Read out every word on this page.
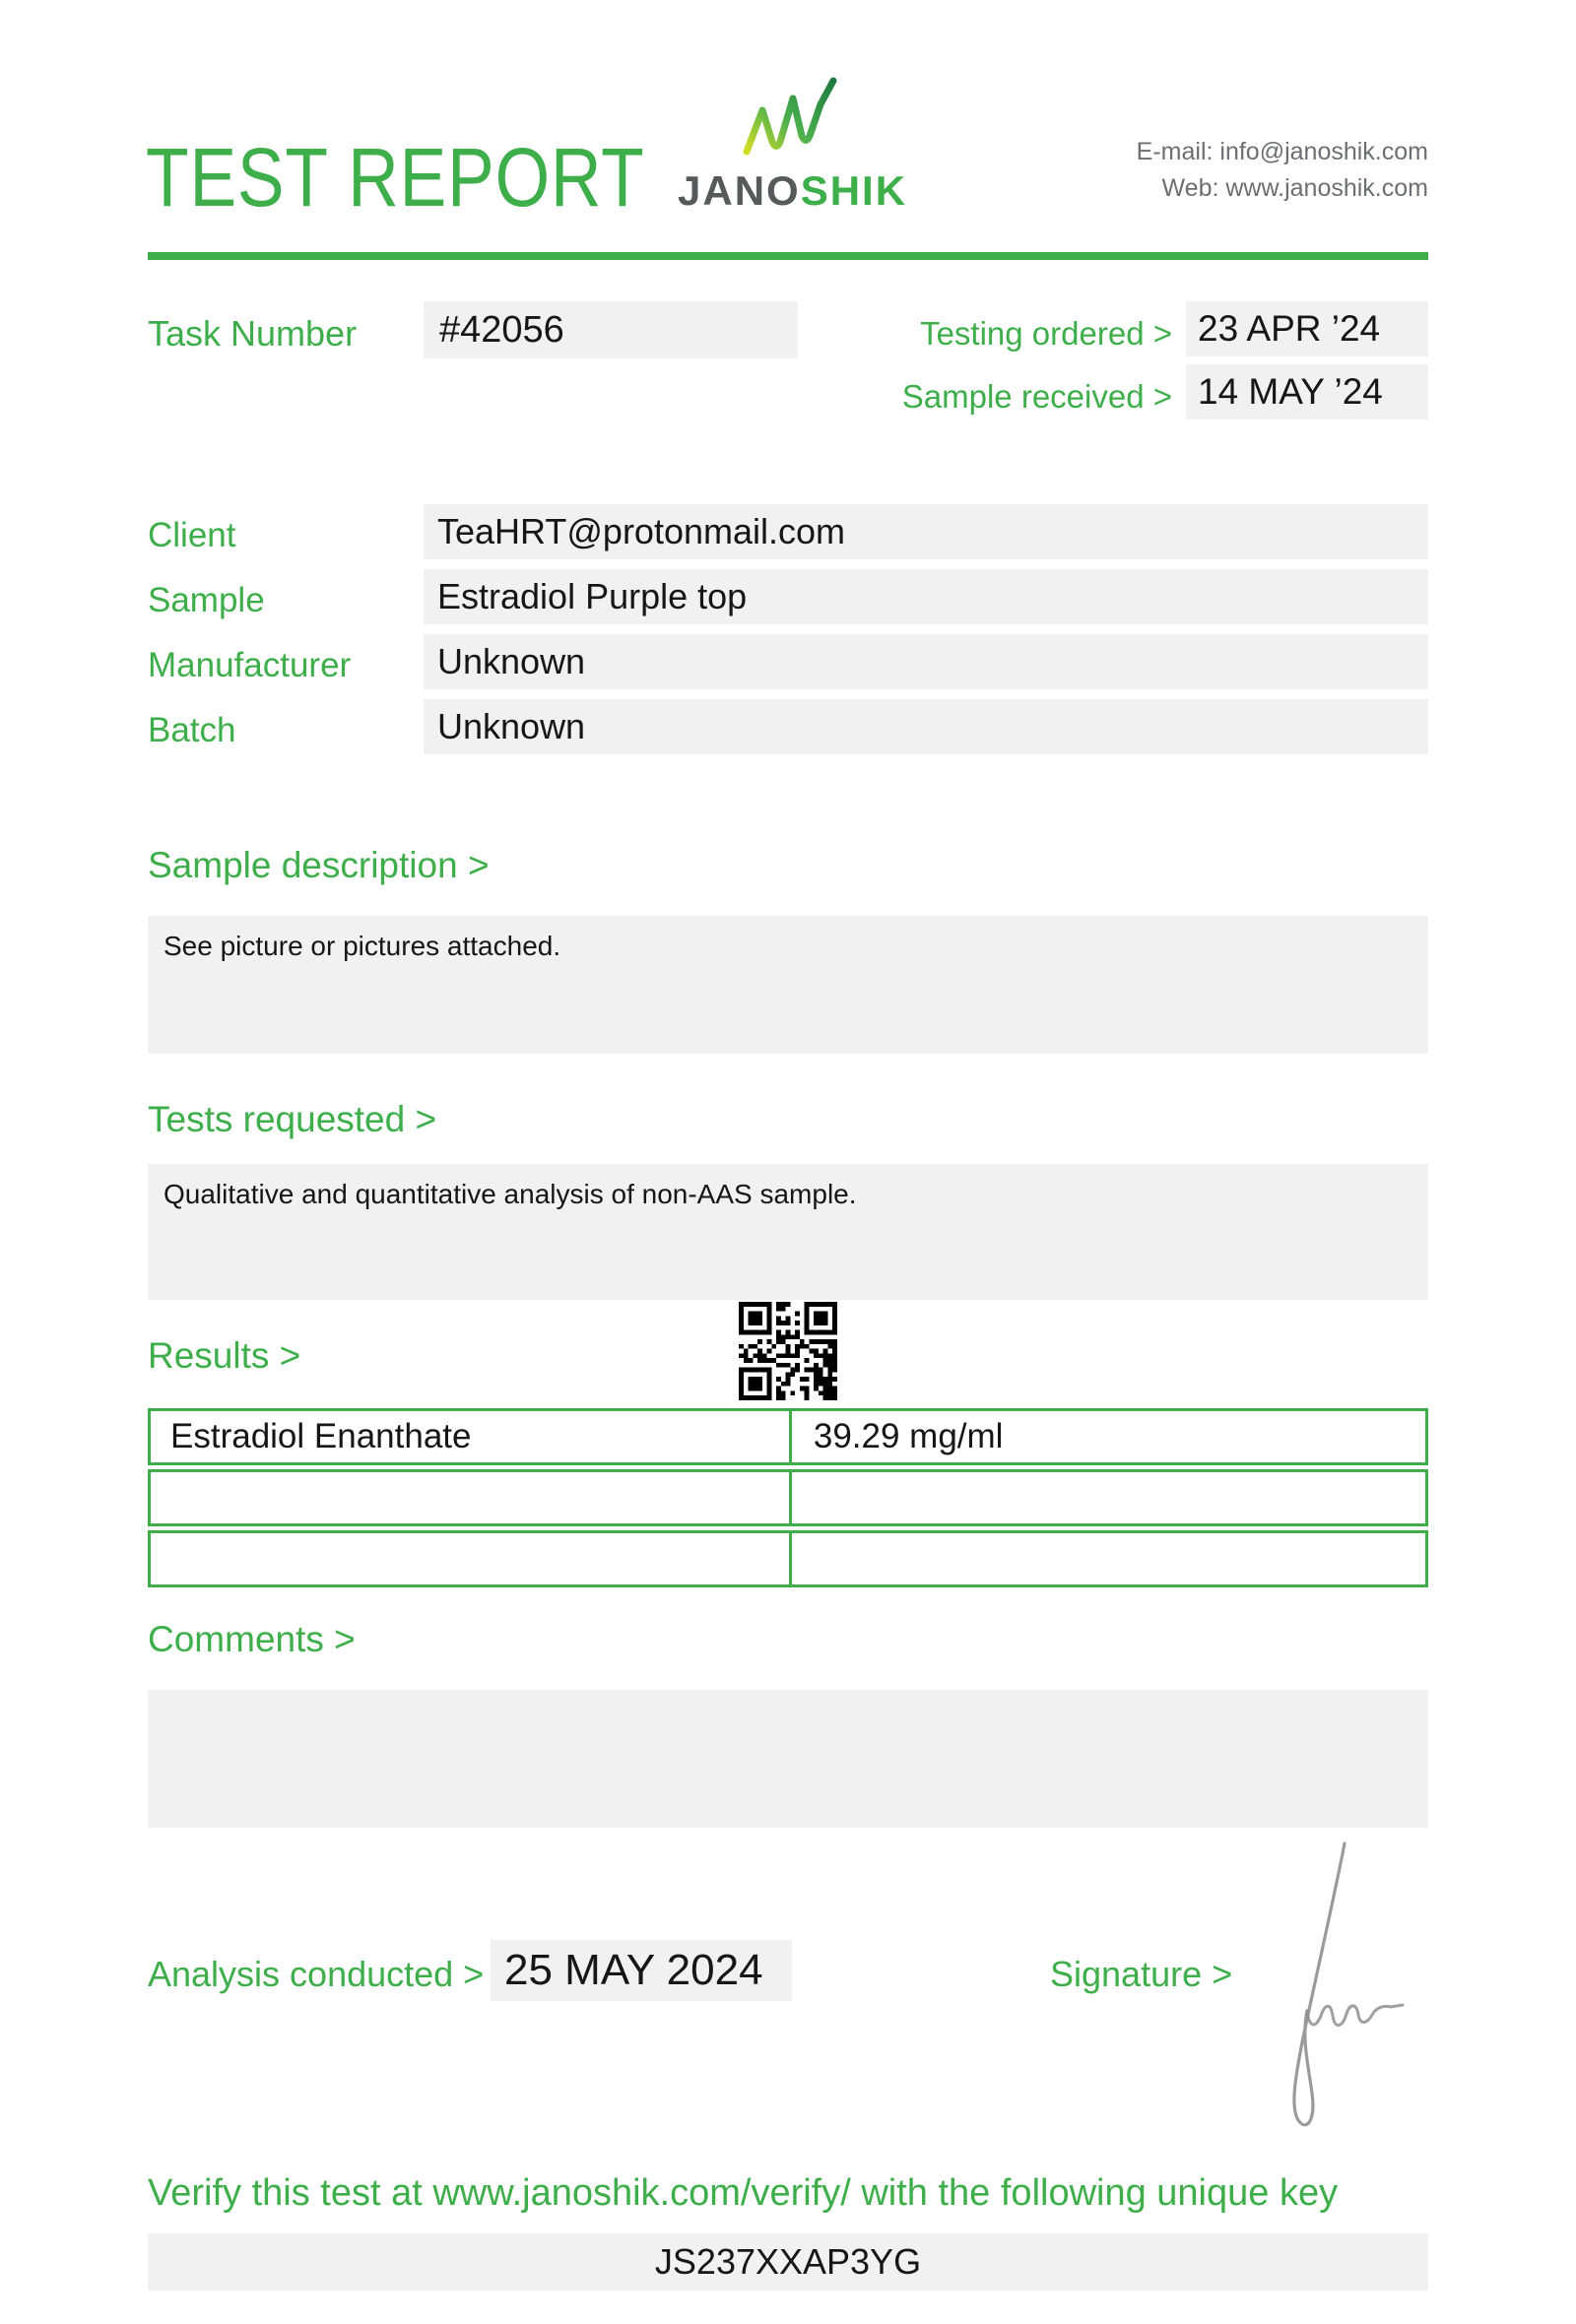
TEST REPORT JANOSHIK
E-mail: info@janoshik.com
Web: www.janoshik.com
Task Number	#42056	Testing ordered > 23 APR ’24
Sample received > 14 MAY ’24
Client	TeaHRT@protonmail.com
Sample	Estradiol Purple top
Manufacturer	Unknown
Batch	Unknown
Sample description >
See picture or pictures attached.
Tests requested >
Qualitative and quantitative analysis of non-AAS sample.
Results >
Estradiol Enanthate	39.29 mg/ml
Comments >
Analysis conducted > 25 MAY 2024	Signature >
Verify this test at www.janoshik.com/verify/ with the following unique key
JS237XXAP3YG
